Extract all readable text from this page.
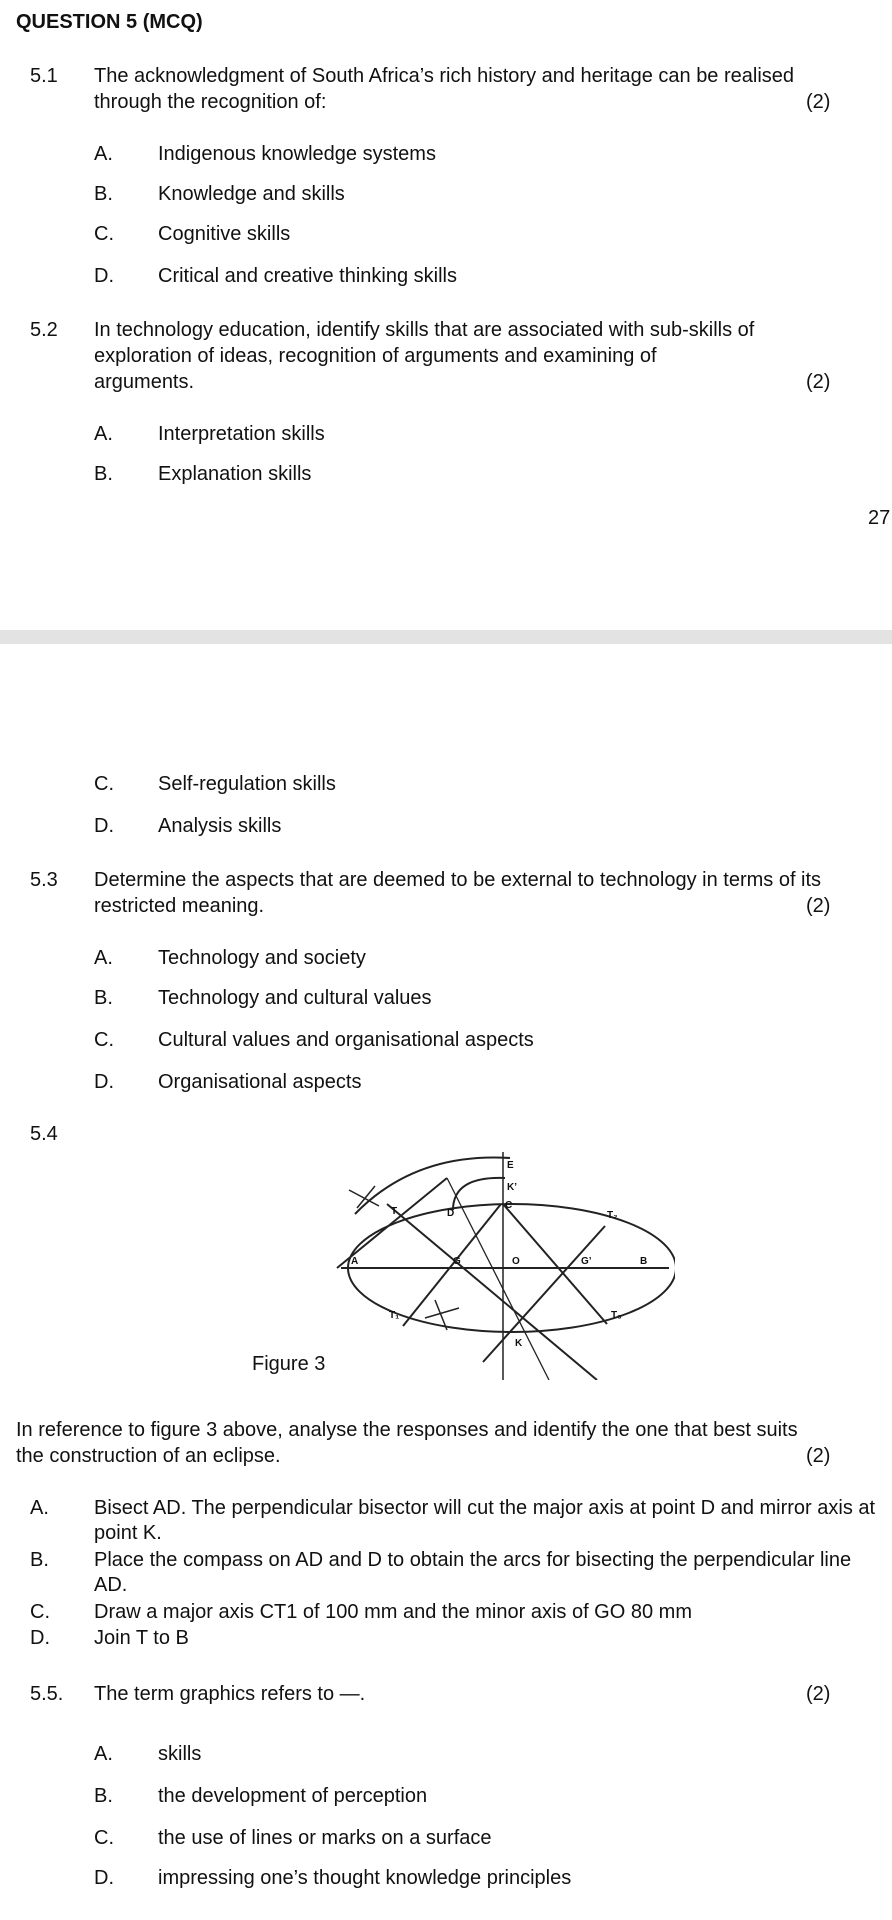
QUESTION 5 (MCQ)
5.1 The acknowledgment of South Africa’s rich history and heritage can be realised
through the recognition of:	(2)
A. Indigenous knowledge systems
B. Knowledge and skills
C. Cognitive skills
D. Critical and creative thinking skills
5.2 In technology education, identify skills that are associated with sub-skills of
exploration of ideas, recognition of arguments and examining of
arguments.	(2)
A. Interpretation skills
B. Explanation skills
27
C. Self-regulation skills
D. Analysis skills
5.3 Determine the aspects that are deemed to be external to technology in terms of its
restricted meaning.	(2)
A. Technology and society
B. Technology and cultural values
C. Cultural values and organisational aspects
D. Organisational aspects
5.4
E
K’
T	D
C
T₂
A	G	O	G’	B
T₁	T₃
K
Figure 3
In reference to figure 3 above, analyse the responses and identify the one that best suits
the construction of an eclipse.	(2)
A. Bisect AD. The perpendicular bisector will cut the major axis at point D and mirror axis at point K.
B. Place the compass on AD and D to obtain the arcs for bisecting the perpendicular line AD.
C. Draw a major axis CT1 of 100 mm and the minor axis of GO 80 mm
D. Join T to B
5.5. The term graphics refers to —.	(2)
A. skills
B. the development of perception
C. the use of lines or marks on a surface
D. impressing one’s thought knowledge principles
